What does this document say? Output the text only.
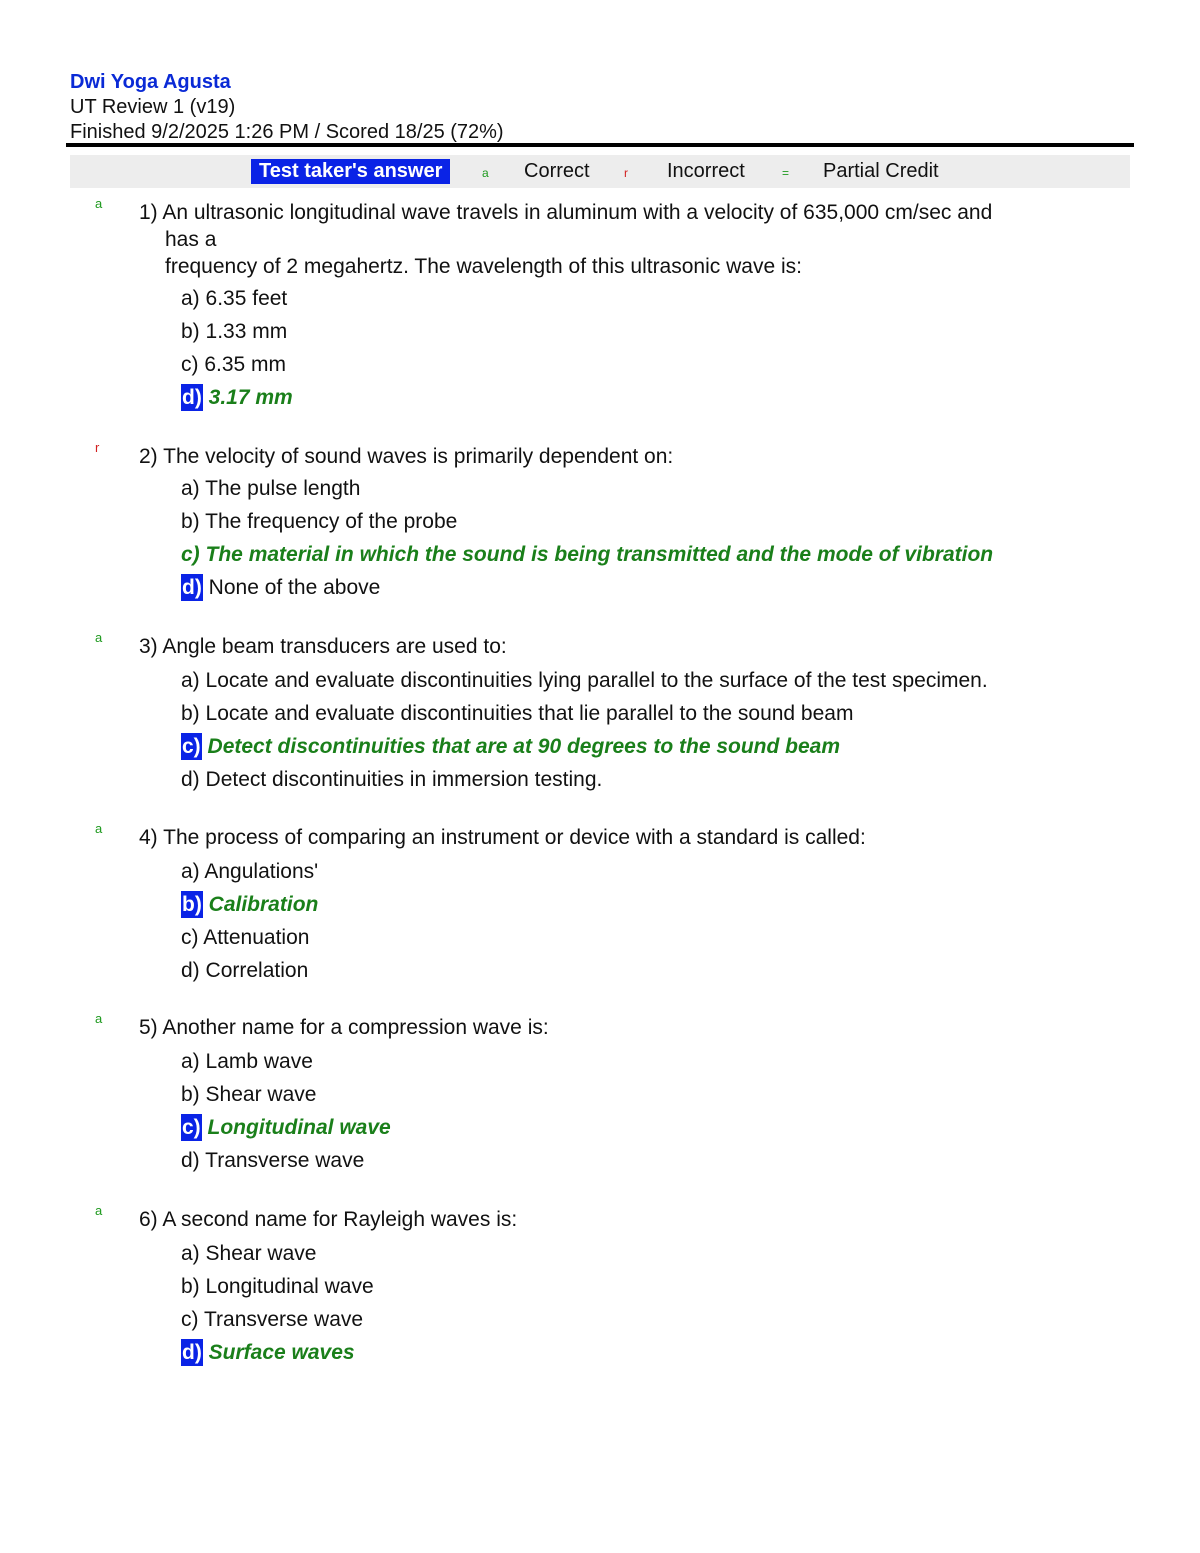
Dwi Yoga Agusta
UT Review 1 (v19)
Finished 9/2/2025 1:26 PM / Scored 18/25 (72%)
Test taker's answer	a Correct	r Incorrect	= Partial Credit
a 1) An ultrasonic longitudinal wave travels in aluminum with a velocity of 635,000 cm/sec and
has a
frequency of 2 megahertz. The wavelength of this ultrasonic wave is:
a) 6.35 feet
b) 1.33 mm
c) 6.35 mm
d) 3.17 mm
r 2) The velocity of sound waves is primarily dependent on:
a) The pulse length
b) The frequency of the probe
c) The material in which the sound is being transmitted and the mode of vibration
d) None of the above
a 3) Angle beam transducers are used to:
a) Locate and evaluate discontinuities lying parallel to the surface of the test specimen.
b) Locate and evaluate discontinuities that lie parallel to the sound beam
c) Detect discontinuities that are at 90 degrees to the sound beam
d) Detect discontinuities in immersion testing.
a 4) The process of comparing an instrument or device with a standard is called:
a) Angulations'
b) Calibration
c) Attenuation
d) Correlation
a 5) Another name for a compression wave is:
a) Lamb wave
b) Shear wave
c) Longitudinal wave
d) Transverse wave
a 6) A second name for Rayleigh waves is:
a) Shear wave
b) Longitudinal wave
c) Transverse wave
d) Surface waves
